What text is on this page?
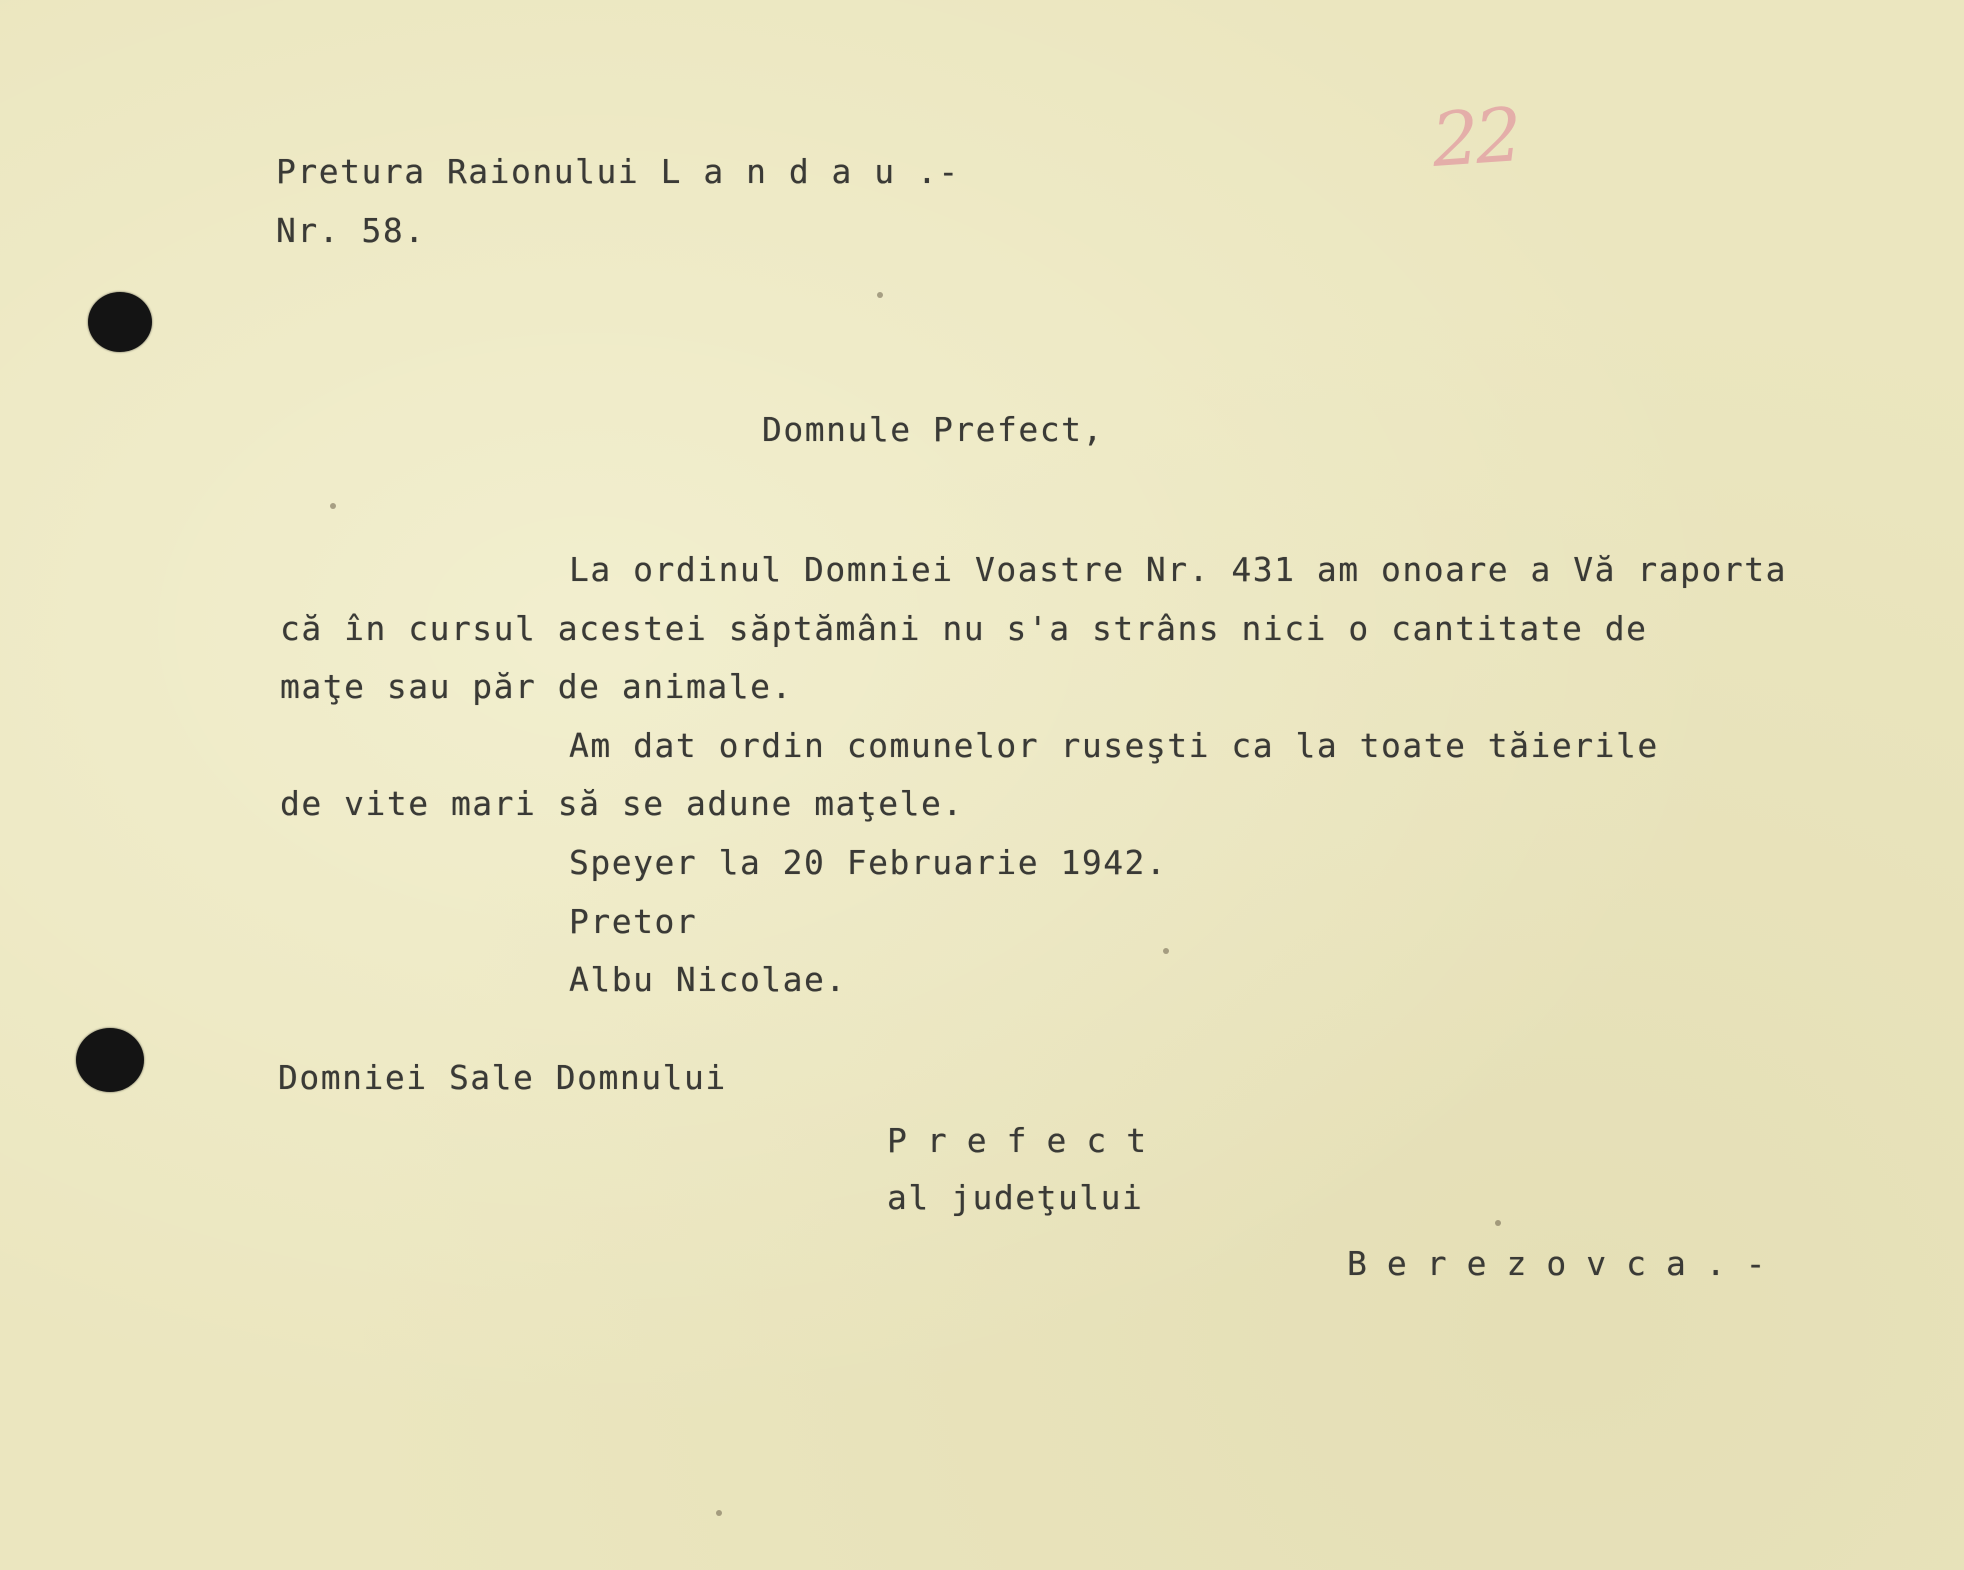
22
Pretura Raionului L a n d a u .-
Nr. 58.
Domnule Prefect,
La ordinul Domniei Voastre Nr. 431 am onoare a Vă raporta
că în cursul acestei săptămâni nu s'a strâns nici o cantitate de
maţe sau păr de animale.
Am dat ordin comunelor ruseşti ca la toate tăierile
de vite mari să se adune maţele.
Speyer la 20 Februarie 1942.
Pretor
Albu Nicolae.
Domniei Sale Domnului
Prefect
al judeţului
Berezovca.-
